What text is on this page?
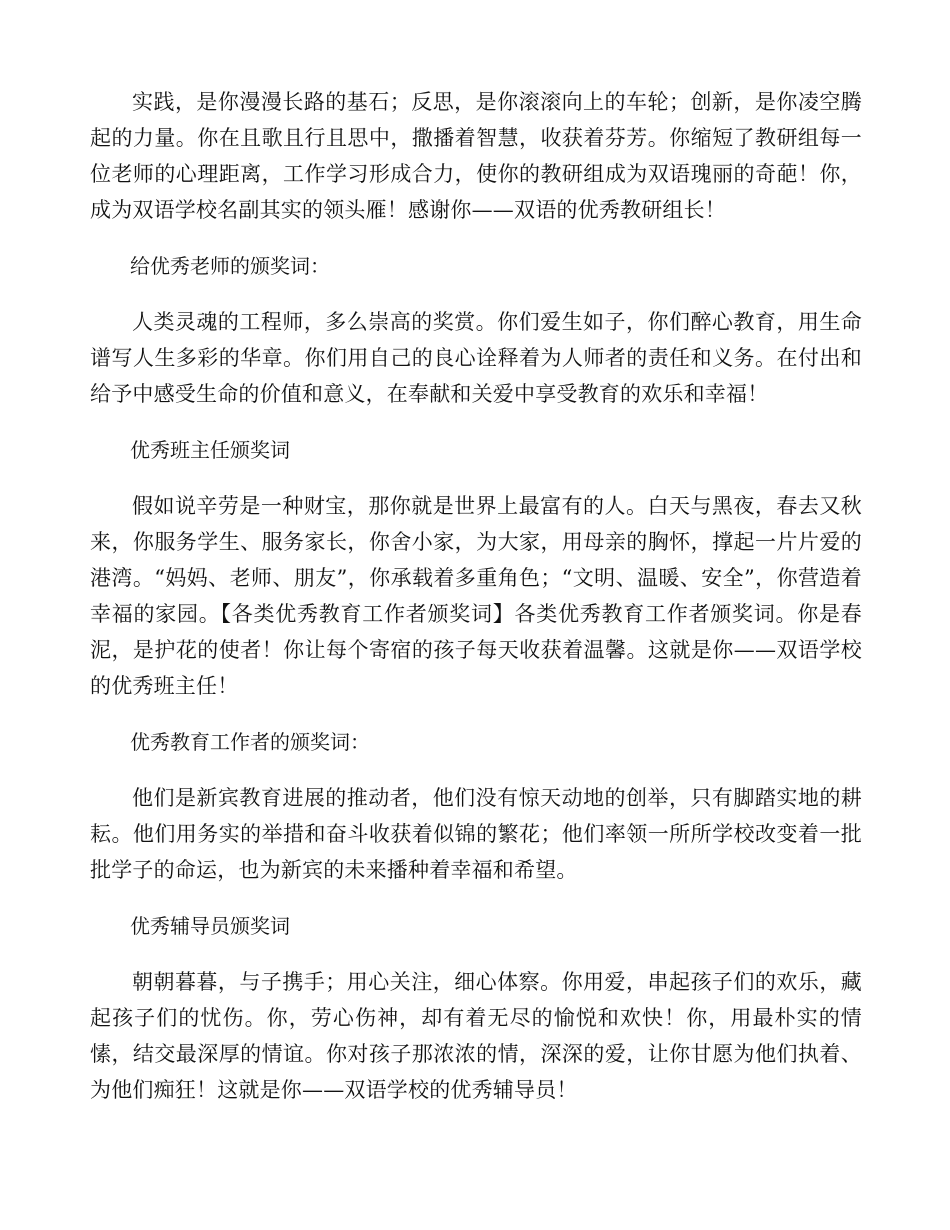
实践，是你漫漫长路的基石；反思，是你滚滚向上的车轮；创新，是你凌空腾起的力量。你在且歌且行且思中，撒播着智慧，收获着芬芳。你缩短了教研组每一位老师的心理距离，工作学习形成合力，使你的教研组成为双语瑰丽的奇葩！你，成为双语学校名副其实的领头雁！感谢你——双语的优秀教研组长！

给优秀老师的颁奖词：

人类灵魂的工程师，多么崇高的奖赏。你们爱生如子，你们醉心教育，用生命谱写人生多彩的华章。你们用自己的良心诠释着为人师者的责任和义务。在付出和给予中感受生命的价值和意义，在奉献和关爱中享受教育的欢乐和幸福！

优秀班主任颁奖词

假如说辛劳是一种财宝，那你就是世界上最富有的人。白天与黑夜，春去又秋来，你服务学生、服务家长，你舍小家，为大家，用母亲的胸怀，撑起一片片爱的港湾。“妈妈、老师、朋友”，你承载着多重角色；“文明、温暖、安全”，你营造着幸福的家园。【各类优秀教育工作者颁奖词】各类优秀教育工作者颁奖词。你是春泥，是护花的使者！你让每个寄宿的孩子每天收获着温馨。这就是你——双语学校的优秀班主任！

优秀教育工作者的颁奖词：

他们是新宾教育进展的推动者，他们没有惊天动地的创举，只有脚踏实地的耕耘。他们用务实的举措和奋斗收获着似锦的繁花；他们率领一所所学校改变着一批批学子的命运，也为新宾的未来播种着幸福和希望。

优秀辅导员颁奖词

朝朝暮暮，与子携手；用心关注，细心体察。你用爱，串起孩子们的欢乐，藏起孩子们的忧伤。你，劳心伤神，却有着无尽的愉悦和欢快！你，用最朴实的情愫，结交最深厚的情谊。你对孩子那浓浓的情，深深的爱，让你甘愿为他们执着、为他们痴狂！这就是你——双语学校的优秀辅导员！
